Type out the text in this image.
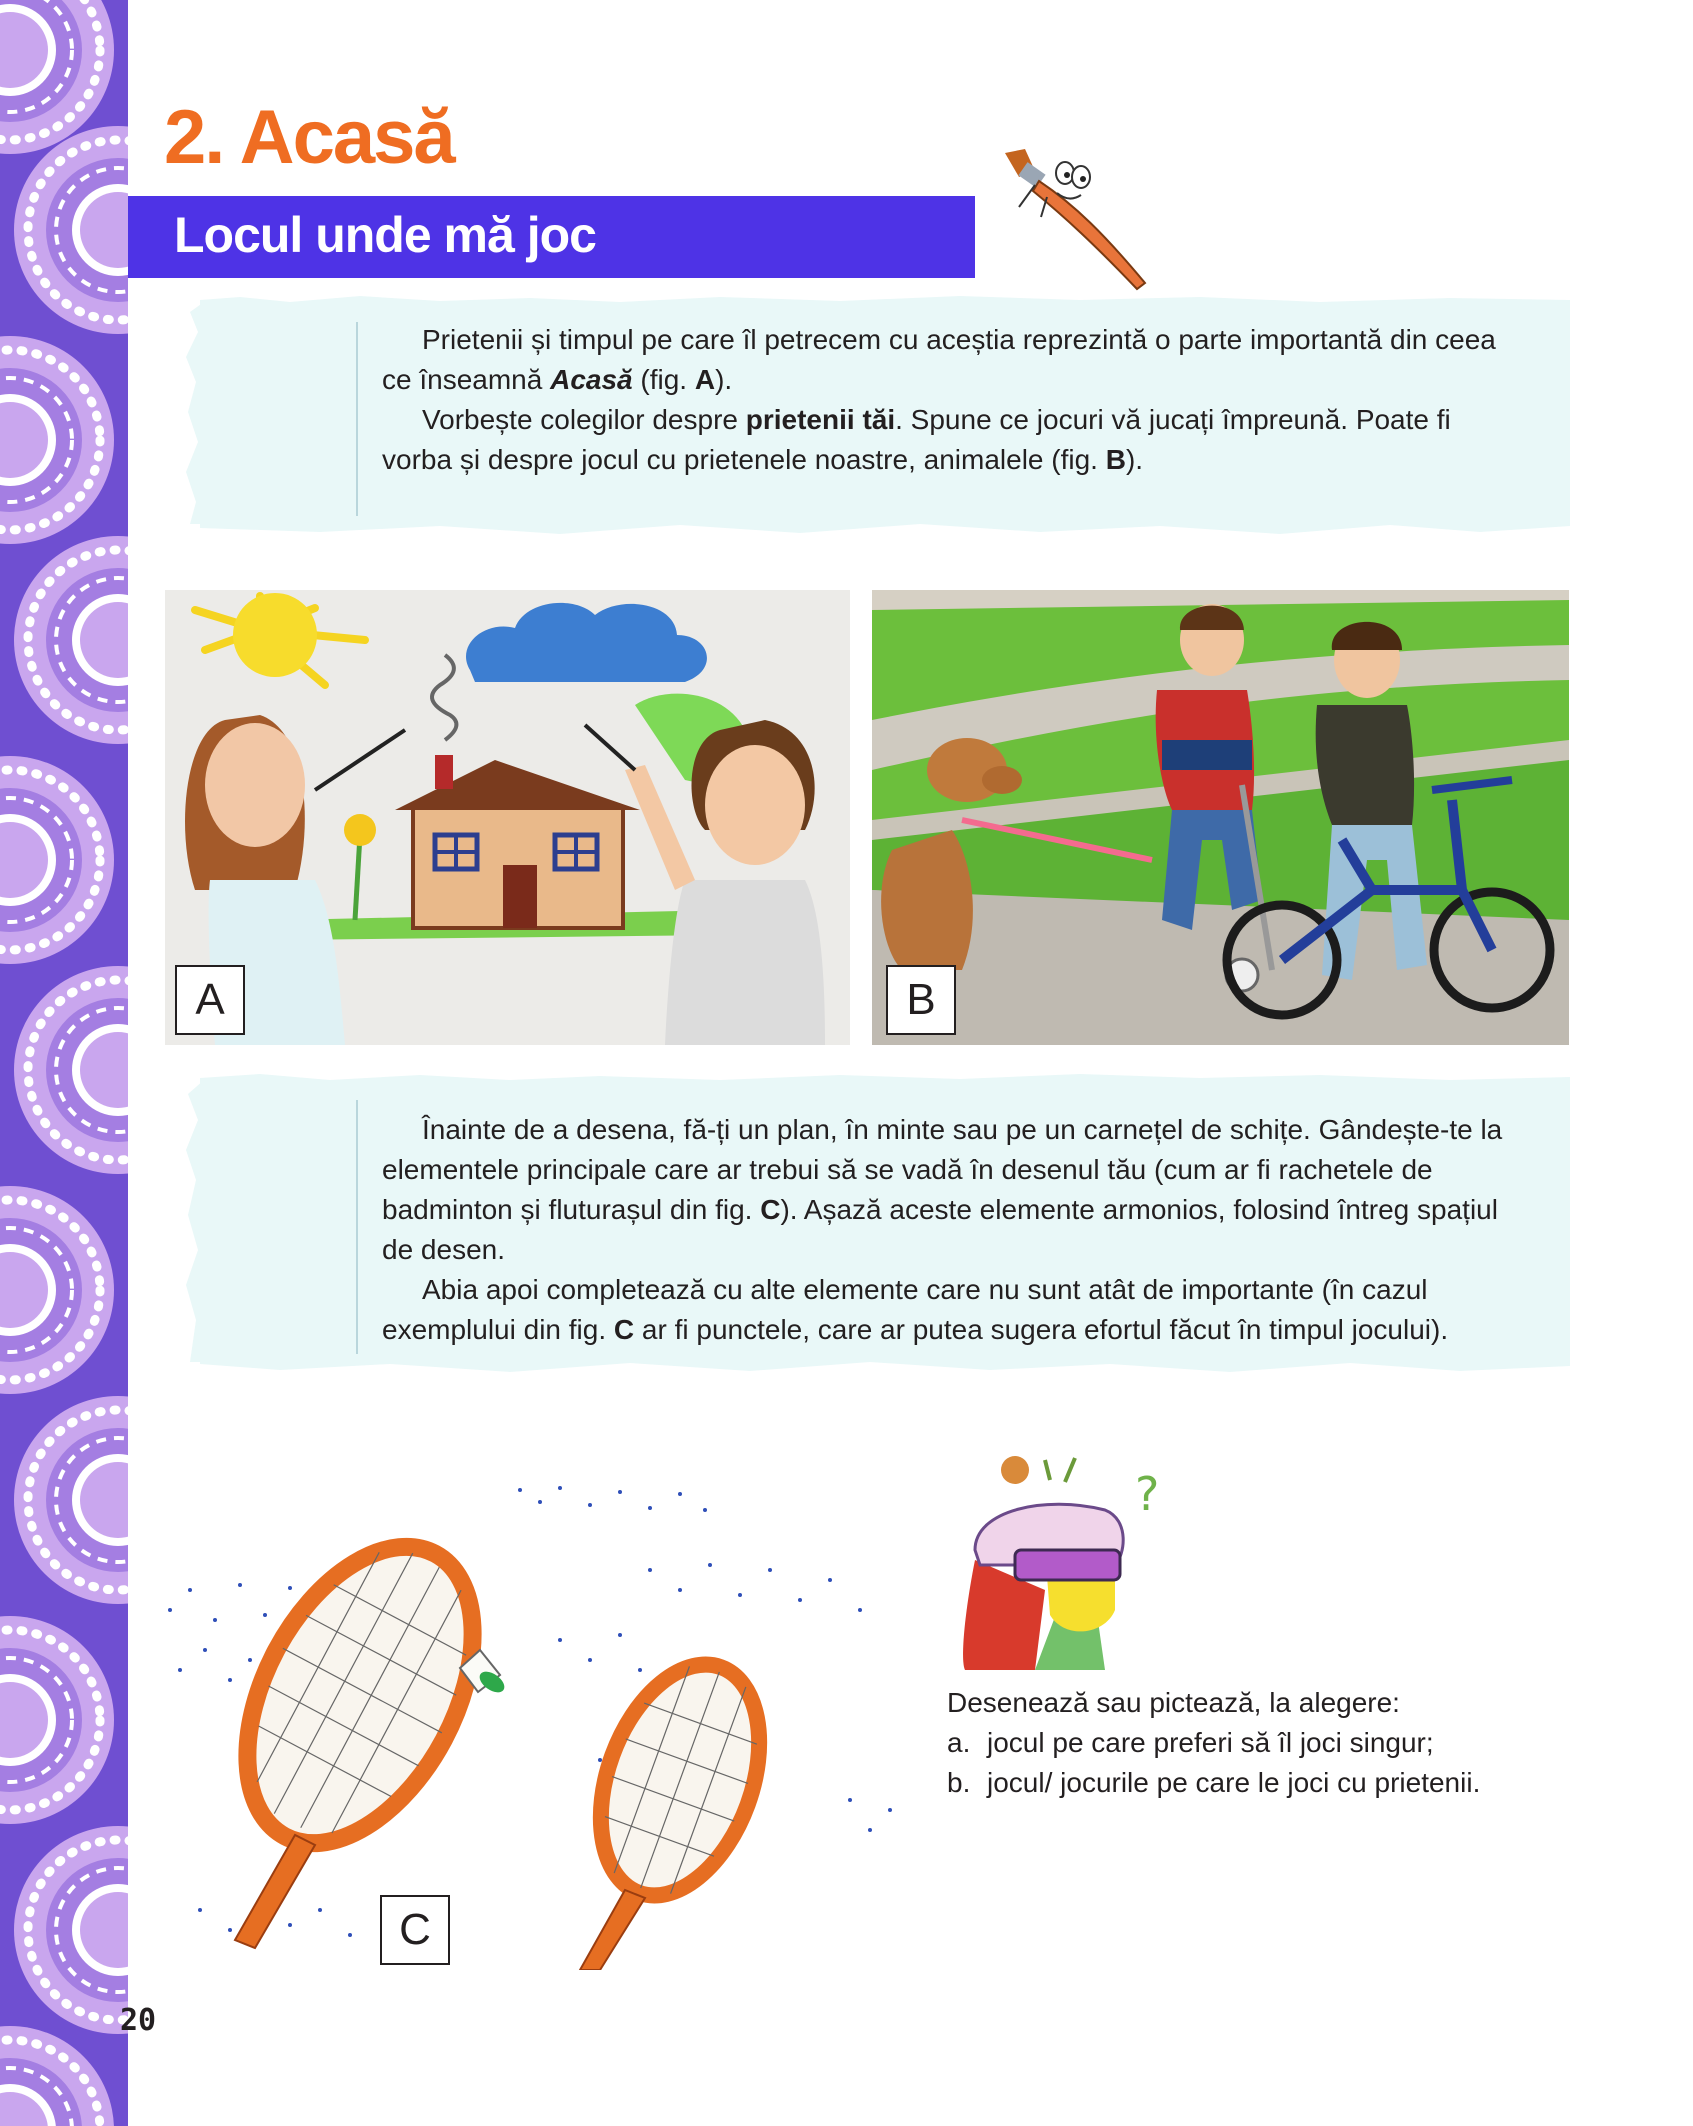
2. Acasă
Locul unde mă joc

Prietenii și timpul pe care îl petrecem cu aceștia reprezintă o parte importantă din ceea ce înseamnă Acasă (fig. A).

Vorbește colegilor despre prietenii tăi. Spune ce jocuri vă jucați împreună. Poate fi vorba și despre jocul cu prietenele noastre, animalele (fig. B).

A	B

Înainte de a desena, fă-ți un plan, în minte sau pe un carnețel de schițe. Gândește-te la elementele principale care ar trebui să se vadă în desenul tău (cum ar fi rachetele de badminton și fluturașul din fig. C). Așază aceste elemente armonios, folosind întreg spațiul de desen.

Abia apoi completează cu alte elemente care nu sunt atât de importante (în cazul exemplului din fig. C ar fi punctele, care ar putea sugera efortul făcut în timpul jocului).

C
?
Desenează sau pictează, la alegere:
a. jocul pe care preferi să îl joci singur;
b. jocul/ jocurile pe care le joci cu prietenii.
20
